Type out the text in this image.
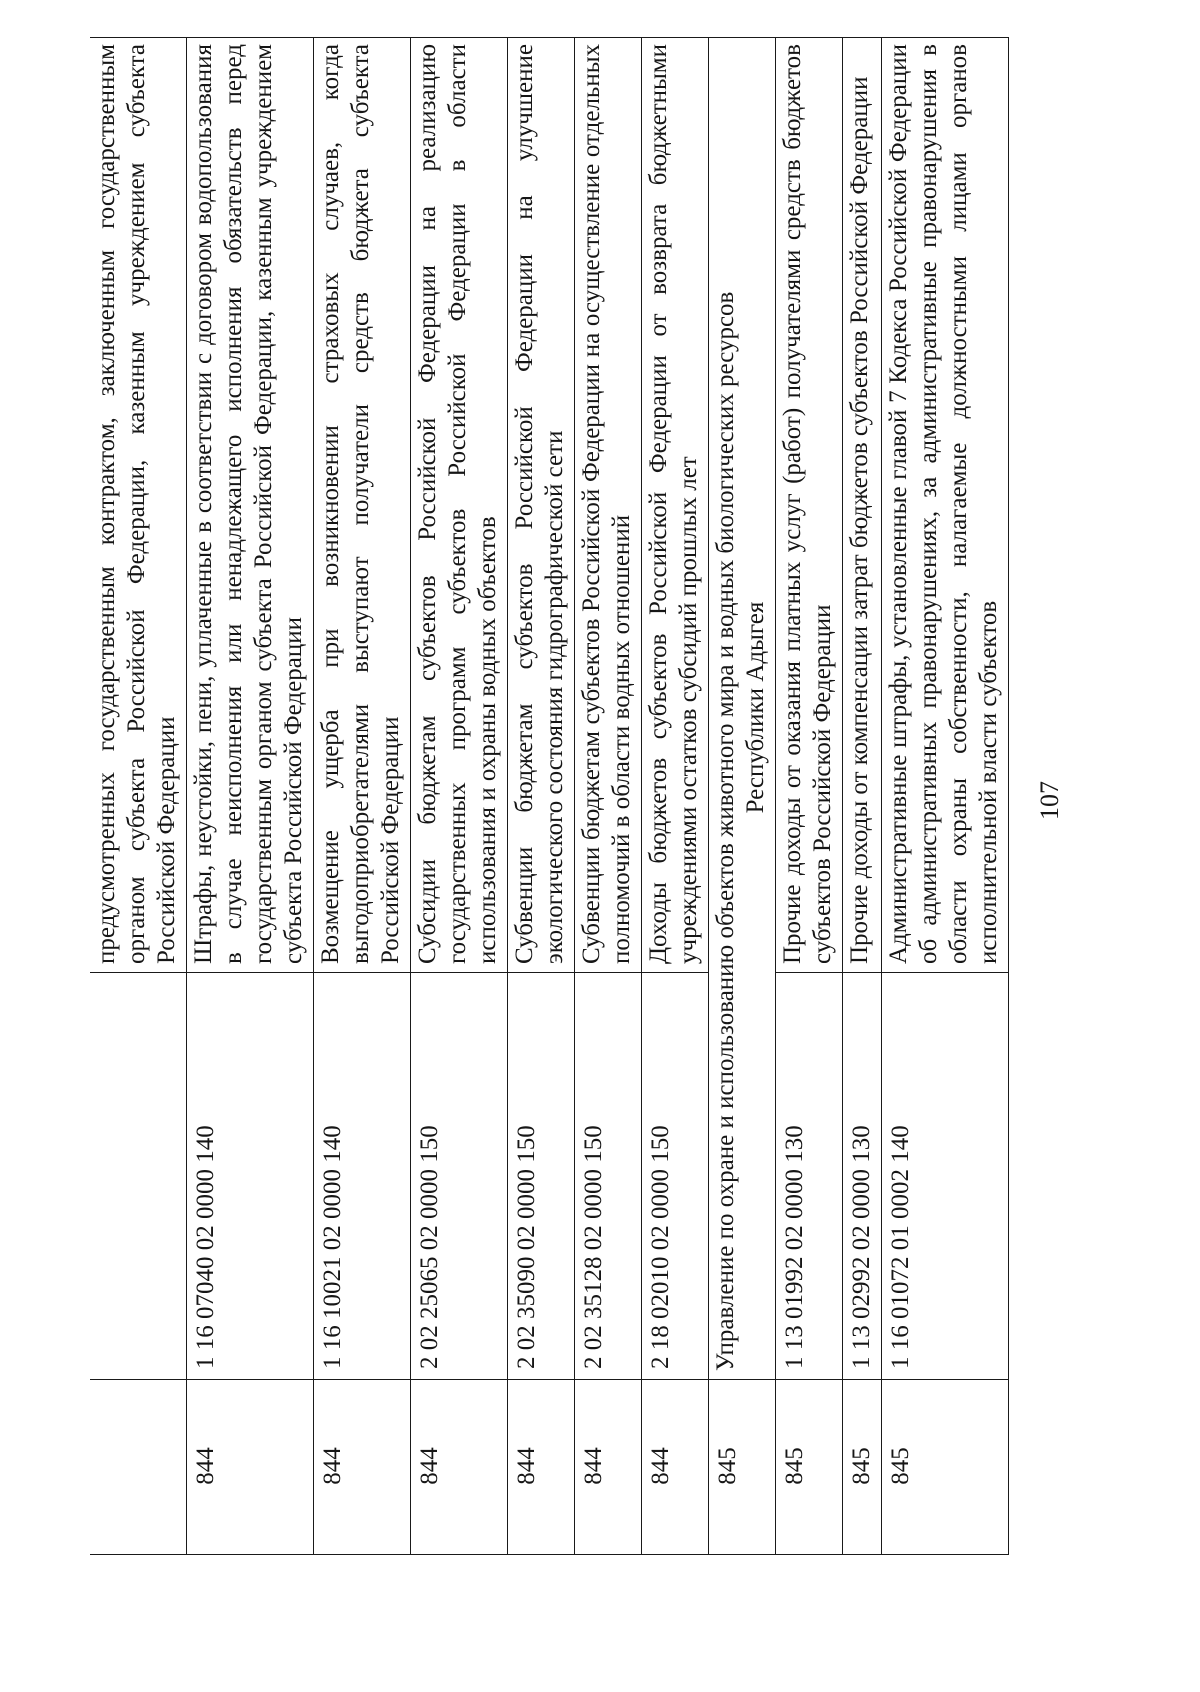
		предусмотренных государственным контрактом, заключенным государственным органом субъекта Российской Федерации, казенным учреждением субъекта Российской Федерации
844	1 16 07040 02 0000 140	Штрафы, неустойки, пени, уплаченные в соответствии с договором водопользования в случае неисполнения или ненадлежащего исполнения обязательств перед государственным органом субъекта Российской Федерации, казенным учреждением субъекта Российской Федерации
844	1 16 10021 02 0000 140	Возмещение ущерба при возникновении страховых случаев, когда выгодоприобретателями выступают получатели средств бюджета субъекта Российской Федерации
844	2 02 25065 02 0000 150	Субсидии бюджетам субъектов Российской Федерации на реализацию государственных программ субъектов Российской Федерации в области использования и охраны водных объектов
844	2 02 35090 02 0000 150	Субвенции бюджетам субъектов Российской Федерации на улучшение экологического состояния гидрографической сети
844	2 02 35128 02 0000 150	Субвенции бюджетам субъектов Российской Федерации на осуществление отдельных полномочий в области водных отношений
844	2 18 02010 02 0000 150	Доходы бюджетов субъектов Российской Федерации от возврата бюджетными учреждениями остатков субсидий прошлых лет
845	Управление по охране и использованию объектов животного мира и водных биологических ресурсов Республики Адыгея	

845	1 13 01992 02 0000 130	Прочие доходы от оказания платных услуг (работ) получателями средств бюджетов субъектов Российской Федерации
845	1 13 02992 02 0000 130	Прочие доходы от компенсации затрат бюджетов субъектов Российской Федерации
845	1 16 01072 01 0002 140	Административные штрафы, установленные главой 7 Кодекса Российской Федерации об административных правонарушениях, за административные правонарушения в области охраны собственности, налагаемые должностными лицами органов исполнительной власти субъектов 107
